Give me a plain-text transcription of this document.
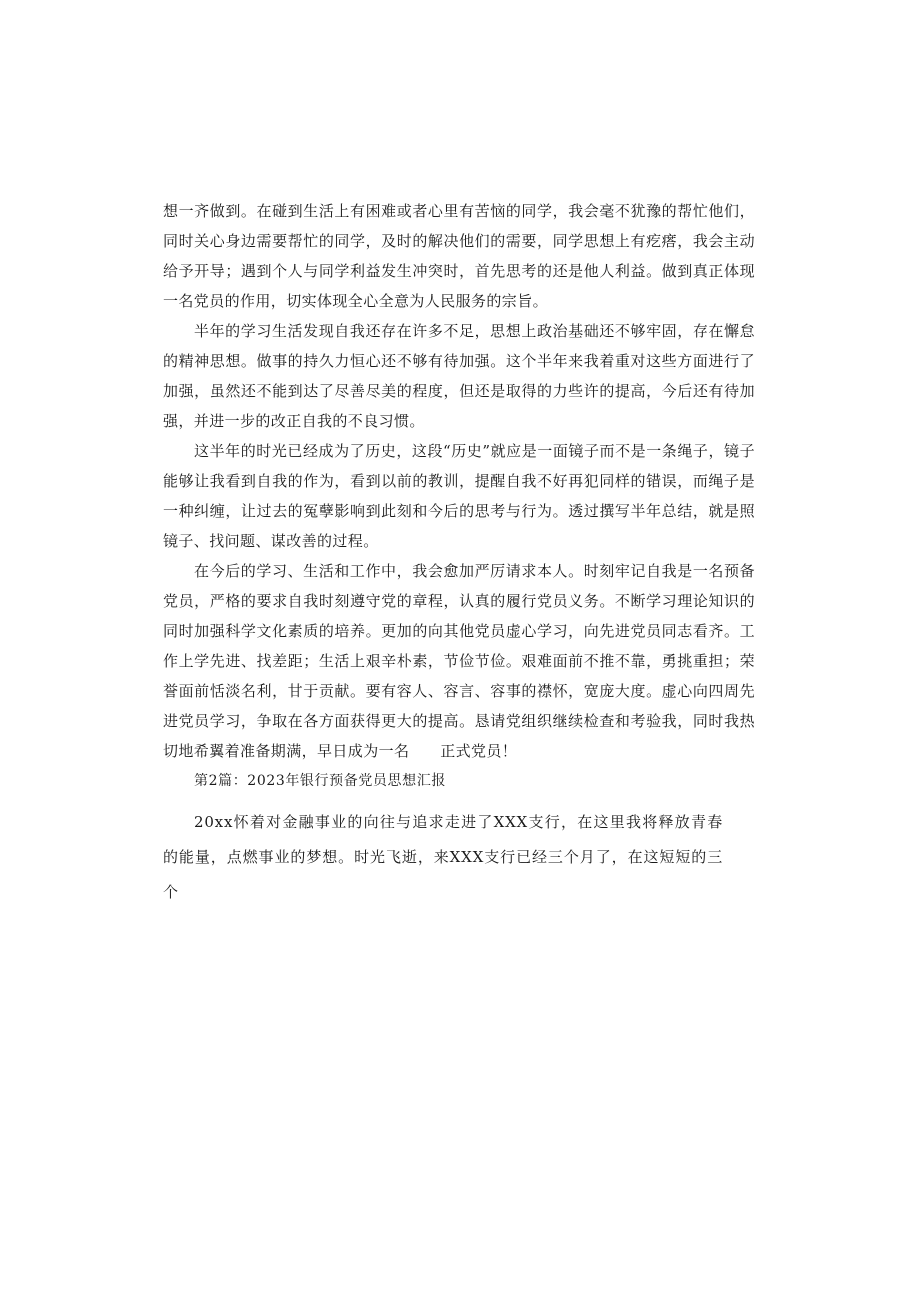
想一齐做到。在碰到生活上有困难或者心里有苦恼的同学，我会毫不犹豫的帮忙他们，同时关心身边需要帮忙的同学，及时的解决他们的需要，同学思想上有疙瘩，我会主动给予开导；遇到个人与同学利益发生冲突时，首先思考的还是他人利益。做到真正体现一名党员的作用，切实体现全心全意为人民服务的宗旨。

半年的学习生活发现自我还存在许多不足，思想上政治基础还不够牢固，存在懈怠的精神思想。做事的持久力恒心还不够有待加强。这个半年来我着重对这些方面进行了加强，虽然还不能到达了尽善尽美的程度，但还是取得的力些许的提高，今后还有待加强，并进一步的改正自我的不良习惯。

这半年的时光已经成为了历史，这段“历史”就应是一面镜子而不是一条绳子，镜子能够让我看到自我的作为，看到以前的教训，提醒自我不好再犯同样的错误，而绳子是一种纠缠，让过去的冤孽影响到此刻和今后的思考与行为。透过撰写半年总结，就是照镜子、找问题、谋改善的过程。

在今后的学习、生活和工作中，我会愈加严厉请求本人。时刻牢记自我是一名预备党员，严格的要求自我时刻遵守党的章程，认真的履行党员义务。不断学习理论知识的同时加强科学文化素质的培养。更加的向其他党员虚心学习，向先进党员同志看齐。工作上学先进、找差距；生活上艰辛朴素，节俭节俭。艰难面前不推不靠，勇挑重担；荣誉面前恬淡名利，甘于贡献。要有容人、容言、容事的襟怀，宽庞大度。虚心向四周先进党员学习，争取在各方面获得更大的提高。恳请党组织继续检查和考验我，同时我热切地希翼着准备期满，早日成为一名　　正式党员！

第2篇：2023年银行预备党员思想汇报

20xx怀着对金融事业的向往与追求走进了XXX支行，在这里我将释放青春的能量，点燃事业的梦想。时光飞逝，来XXX支行已经三个月了，在这短短的三个
